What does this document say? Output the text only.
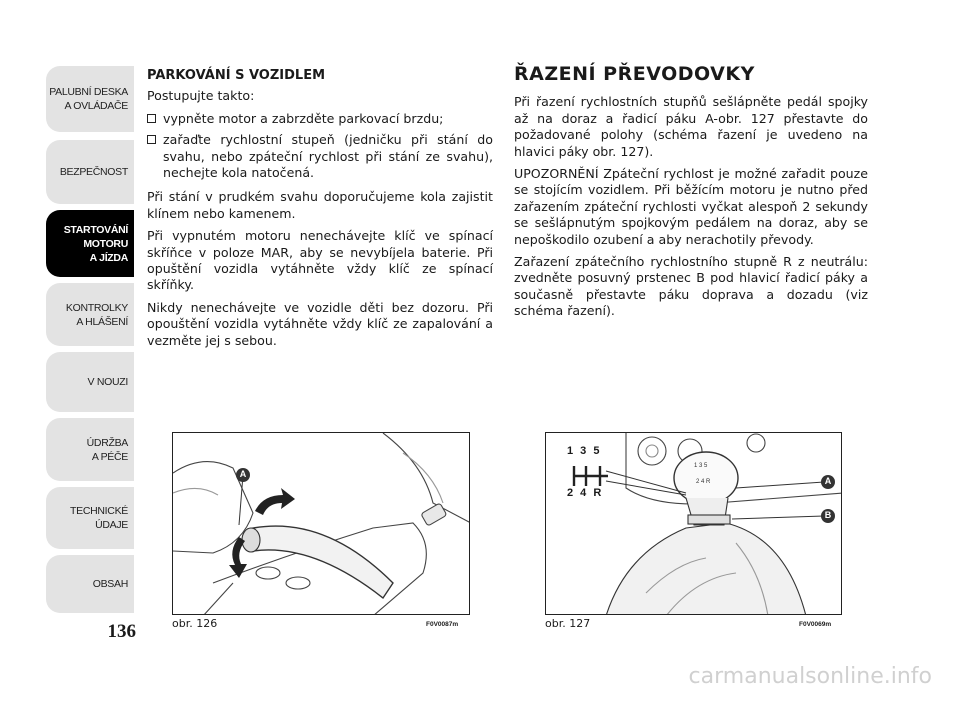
PALUBNÍ DESKA
A OVLÁDAČE
BEZPEČNOST
STARTOVÁNÍ
MOTORU
A JÍZDA
KONTROLKY
A HLÁŠENÍ
V NOUZI
ÚDRŽBA
A PÉČE
TECHNICKÉ
ÚDAJE
OBSAH
136
PARKOVÁNÍ S VOZIDLEM

Postupujte takto:

vypněte motor a zabrzděte parkovací brzdu;
zařaďte rychlostní stupeň (jedničku při stání do svahu, nebo zpáteční rychlost při stání ze svahu), nechejte kola natočená.

Při stání v prudkém svahu doporučujeme kola zajistit klínem nebo kamenem.

Při vypnutém motoru nenechávejte klíč ve spínací skříňce v poloze MAR, aby se nevybíjela baterie. Při opuštění vozidla vytáhněte vždy klíč ze spínací skříňky.

Nikdy nenechávejte ve vozidle děti bez dozoru. Při opouštění vozidla vytáhněte vždy klíč ze zapalování a vezměte jej s sebou.

ŘAZENÍ PŘEVODOVKY

Při řazení rychlostních stupňů sešlápněte pedál spojky až na doraz a řadicí páku A-obr. 127 přestavte do požadované polohy (schéma řazení je uvedeno na hlavici páky obr. 127).

UPOZORNĚNÍ Zpáteční rychlost je možné zařadit pouze se stojícím vozidlem. Při běžícím motoru je nutno před zařazením zpáteční rychlosti vyčkat alespoň 2 sekundy se sešlápnutým spojkovým pedálem na doraz, aby se nepoškodilo ozubení a aby nerachotily převody.

Zařazení zpátečního rychlostního stupně R z neutrálu: zvedněte posuvný prstenec B pod hlavicí řadicí páky a současně přestavte páku doprava a dozadu (viz schéma řazení).

A
obr. 126	F0V0087m
1 3 5
2 4 R
1 3 5
2 4 R
A
B
obr. 127	F0V0069m
carmanualsonline.info
